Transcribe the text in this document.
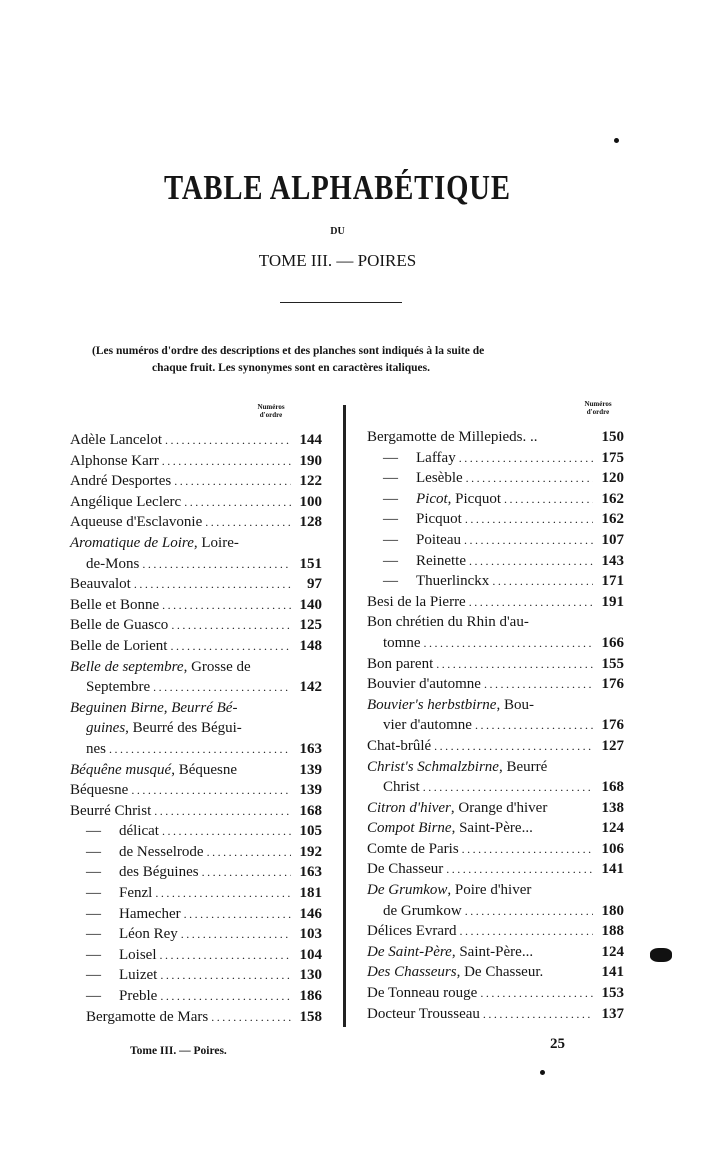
TABLE ALPHABÉTIQUE
DU
TOME III. — POIRES
(Les numéros d'ordre des descriptions et des planches sont indiqués à la suite de
chaque fruit. Les synonymes sont en caractères italiques.
Numéros
d'ordre
Numéros
d'ordre
Adèle Lancelot .....	144
Alphonse Karr .....	190
André Desportes .....	122
Angélique Leclerc .....	100
Aqueuse d'Esclavonie .....	128
Aromatique de Loire, Loire-
de-Mons .....	151
Beauvalot .....	97
Belle et Bonne .....	140
Belle de Guasco .....	125
Belle de Lorient .....	148
Belle de septembre, Grosse de
Septembre .....	142
Beguinen Birne, Beurré Bé-
guines, Beurré des Bégui-
nes .....	163
Béquêne musqué, Béquesne	139
Béquesne .....	139
Beurré Christ .....	168
—	délicat .....	105
—	de Nesselrode .....	192
—	des Béguines .....	163
—	Fenzl .....	181
—	Hamecher .....	146
—	Léon Rey .....	103
—	Loisel .....	104
—	Luizet .....	130
—	Preble .....	186
Bergamotte de Mars .....	158
Bergamotte de Millepieds. ..	150
—	Laffay .....	175
—	Lesèble .....	120
—	Picot, Picquot .....	162
—	Picquot .....	162
—	Poiteau .....	107
—	Reinette .....	143
—	Thuerlinckx .....	171
Besi de la Pierre .....	191
Bon chrétien du Rhin d'au-
tomne .....	166
Bon parent .....	155
Bouvier d'automne .....	176
Bouvier's herbstbirne, Bou-
vier d'automne .....	176
Chat-brûlé .....	127
Christ's Schmalzbirne, Beurré
Christ .....	168
Citron d'hiver, Orange d'hiver	138
Compot Birne, Saint-Père...	124
Comte de Paris .....	106
De Chasseur .....	141
De Grumkow, Poire d'hiver
de Grumkow .....	180
Délices Evrard .....	188
De Saint-Père, Saint-Père...	124
Des Chasseurs, De Chasseur.	141
De Tonneau rouge .....	153
Docteur Trousseau .....	137
Tome III. — Poires.	25
